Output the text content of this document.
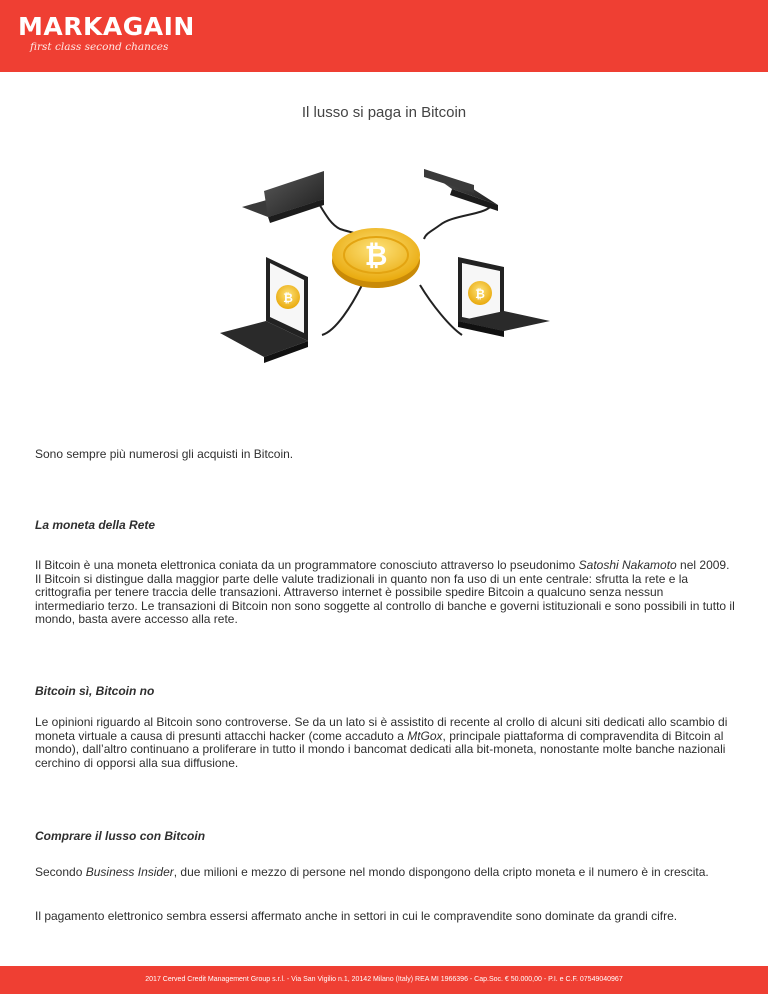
MARKAGAIN
first class second chances
Il lusso si paga in Bitcoin
₿
₿	₿

Sono sempre più numerosi gli acquisti in Bitcoin.

La moneta della Rete

Il Bitcoin è una moneta elettronica coniata da un programmatore conosciuto attraverso lo pseudonimo Satoshi Nakamoto nel 2009. Il Bitcoin si distingue dalla maggior parte delle valute tradizionali in quanto non fa uso di un ente centrale: sfrutta la rete e la crittografia per tenere traccia delle transazioni. Attraverso internet è possibile spedire Bitcoin a qualcuno senza nessun intermediario terzo. Le transazioni di Bitcoin non sono soggette al controllo di banche e governi istituzionali e sono possibili in tutto il mondo, basta avere accesso alla rete.

Bitcoin sì, Bitcoin no

Le opinioni riguardo al Bitcoin sono controverse. Se da un lato si è assistito di recente al crollo di alcuni siti dedicati allo scambio di moneta virtuale a causa di presunti attacchi hacker (come accaduto a MtGox, principale piattaforma di compravendita di Bitcoin al mondo), dall’altro continuano a proliferare in tutto il mondo i bancomat dedicati alla bit-moneta, nonostante molte banche nazionali cerchino di opporsi alla sua diffusione.

Comprare il lusso con Bitcoin

Secondo Business Insider, due milioni e mezzo di persone nel mondo dispongono della cripto moneta e il numero è in crescita.

Il pagamento elettronico sembra essersi affermato anche in settori in cui le compravendite sono dominate da grandi cifre.

2017 Cerved Credit Management Group s.r.l. - Via San Vigilio n.1, 20142 Milano (Italy) REA MI 1966396 - Cap.Soc. € 50.000,00 - P.I. e C.F. 07549040967
